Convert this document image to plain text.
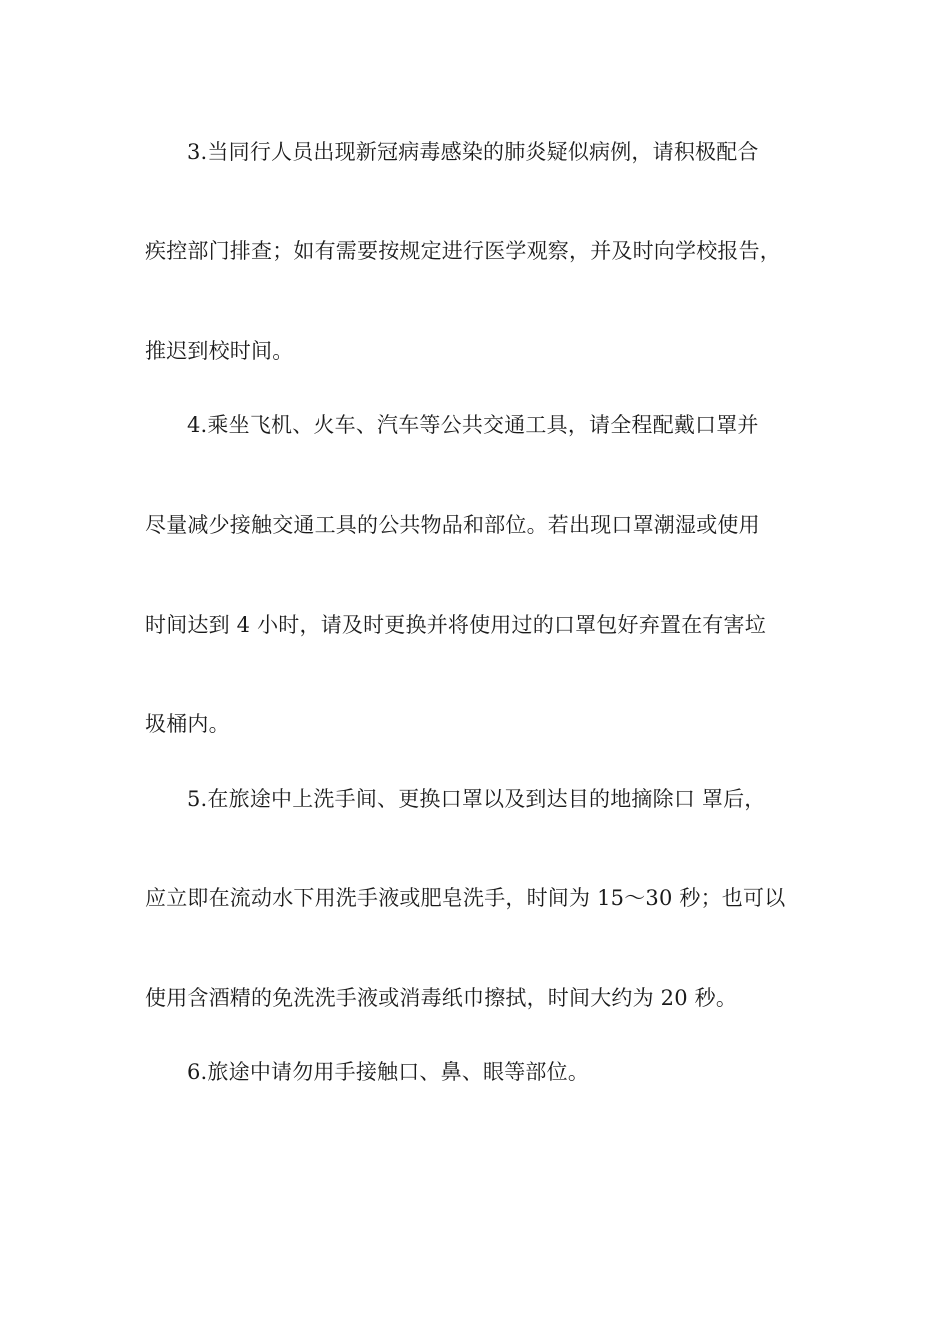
3.当同行人员出现新冠病毒感染的肺炎疑似病例，请积极配合
疾控部门排查；如有需要按规定进行医学观察，并及时向学校报告，
推迟到校时间。
4.乘坐飞机、火车、汽车等公共交通工具，请全程配戴口罩并
尽量减少接触交通工具的公共物品和部位。若出现口罩潮湿或使用
时间达到 4 小时，请及时更换并将使用过的口罩包好弃置在有害垃
圾桶内。
5.在旅途中上洗手间、更换口罩以及到达目的地摘除口 罩后，
应立即在流动水下用洗手液或肥皂洗手，时间为 15～30 秒；也可以
使用含酒精的免洗洗手液或消毒纸巾擦拭，时间大约为 20 秒。
6.旅途中请勿用手接触口、鼻、眼等部位。
